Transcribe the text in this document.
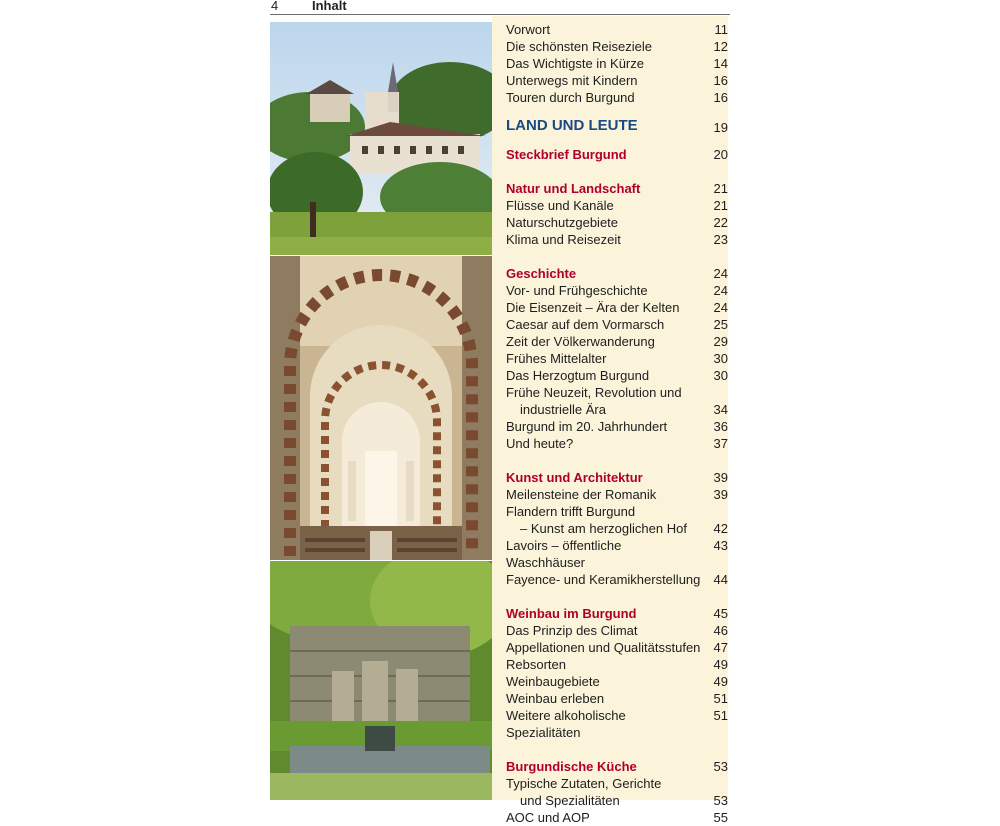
4	Inhalt
Vorwort	11
Die schönsten Reiseziele	12
Das Wichtigste in Kürze	14
Unterwegs mit Kindern	16
Touren durch Burgund	16
LAND UND LEUTE	19
Steckbrief Burgund	20
Natur und Landschaft	21
Flüsse und Kanäle	21
Naturschutzgebiete	22
Klima und Reisezeit	23
Geschichte	24
Vor- und Frühgeschichte	24
Die Eisenzeit – Ära der Kelten	24
Caesar auf dem Vormarsch	25
Zeit der Völkerwanderung	29
Frühes Mittelalter	30
Das Herzogtum Burgund	30
Frühe Neuzeit, Revolution und
industrielle Ära	34
Burgund im 20. Jahrhundert	36
Und heute?	37
Kunst und Architektur	39
Meilensteine der Romanik	39
Flandern trifft Burgund
– Kunst am herzoglichen Hof	42
Lavoirs – öffentliche Waschhäuser
43
Fayence- und Keramikherstellung 44
Weinbau im Burgund	45
Das Prinzip des Climat	46
Appellationen und Qualitätsstufen 47
Rebsorten	49
Weinbaugebiete	49
Weinbau erleben	51
Weitere alkoholische Spezialitäten
51
Burgundische Küche	53
Typische Zutaten, Gerichte
und Spezialitäten	53
AOC und AOP	55
